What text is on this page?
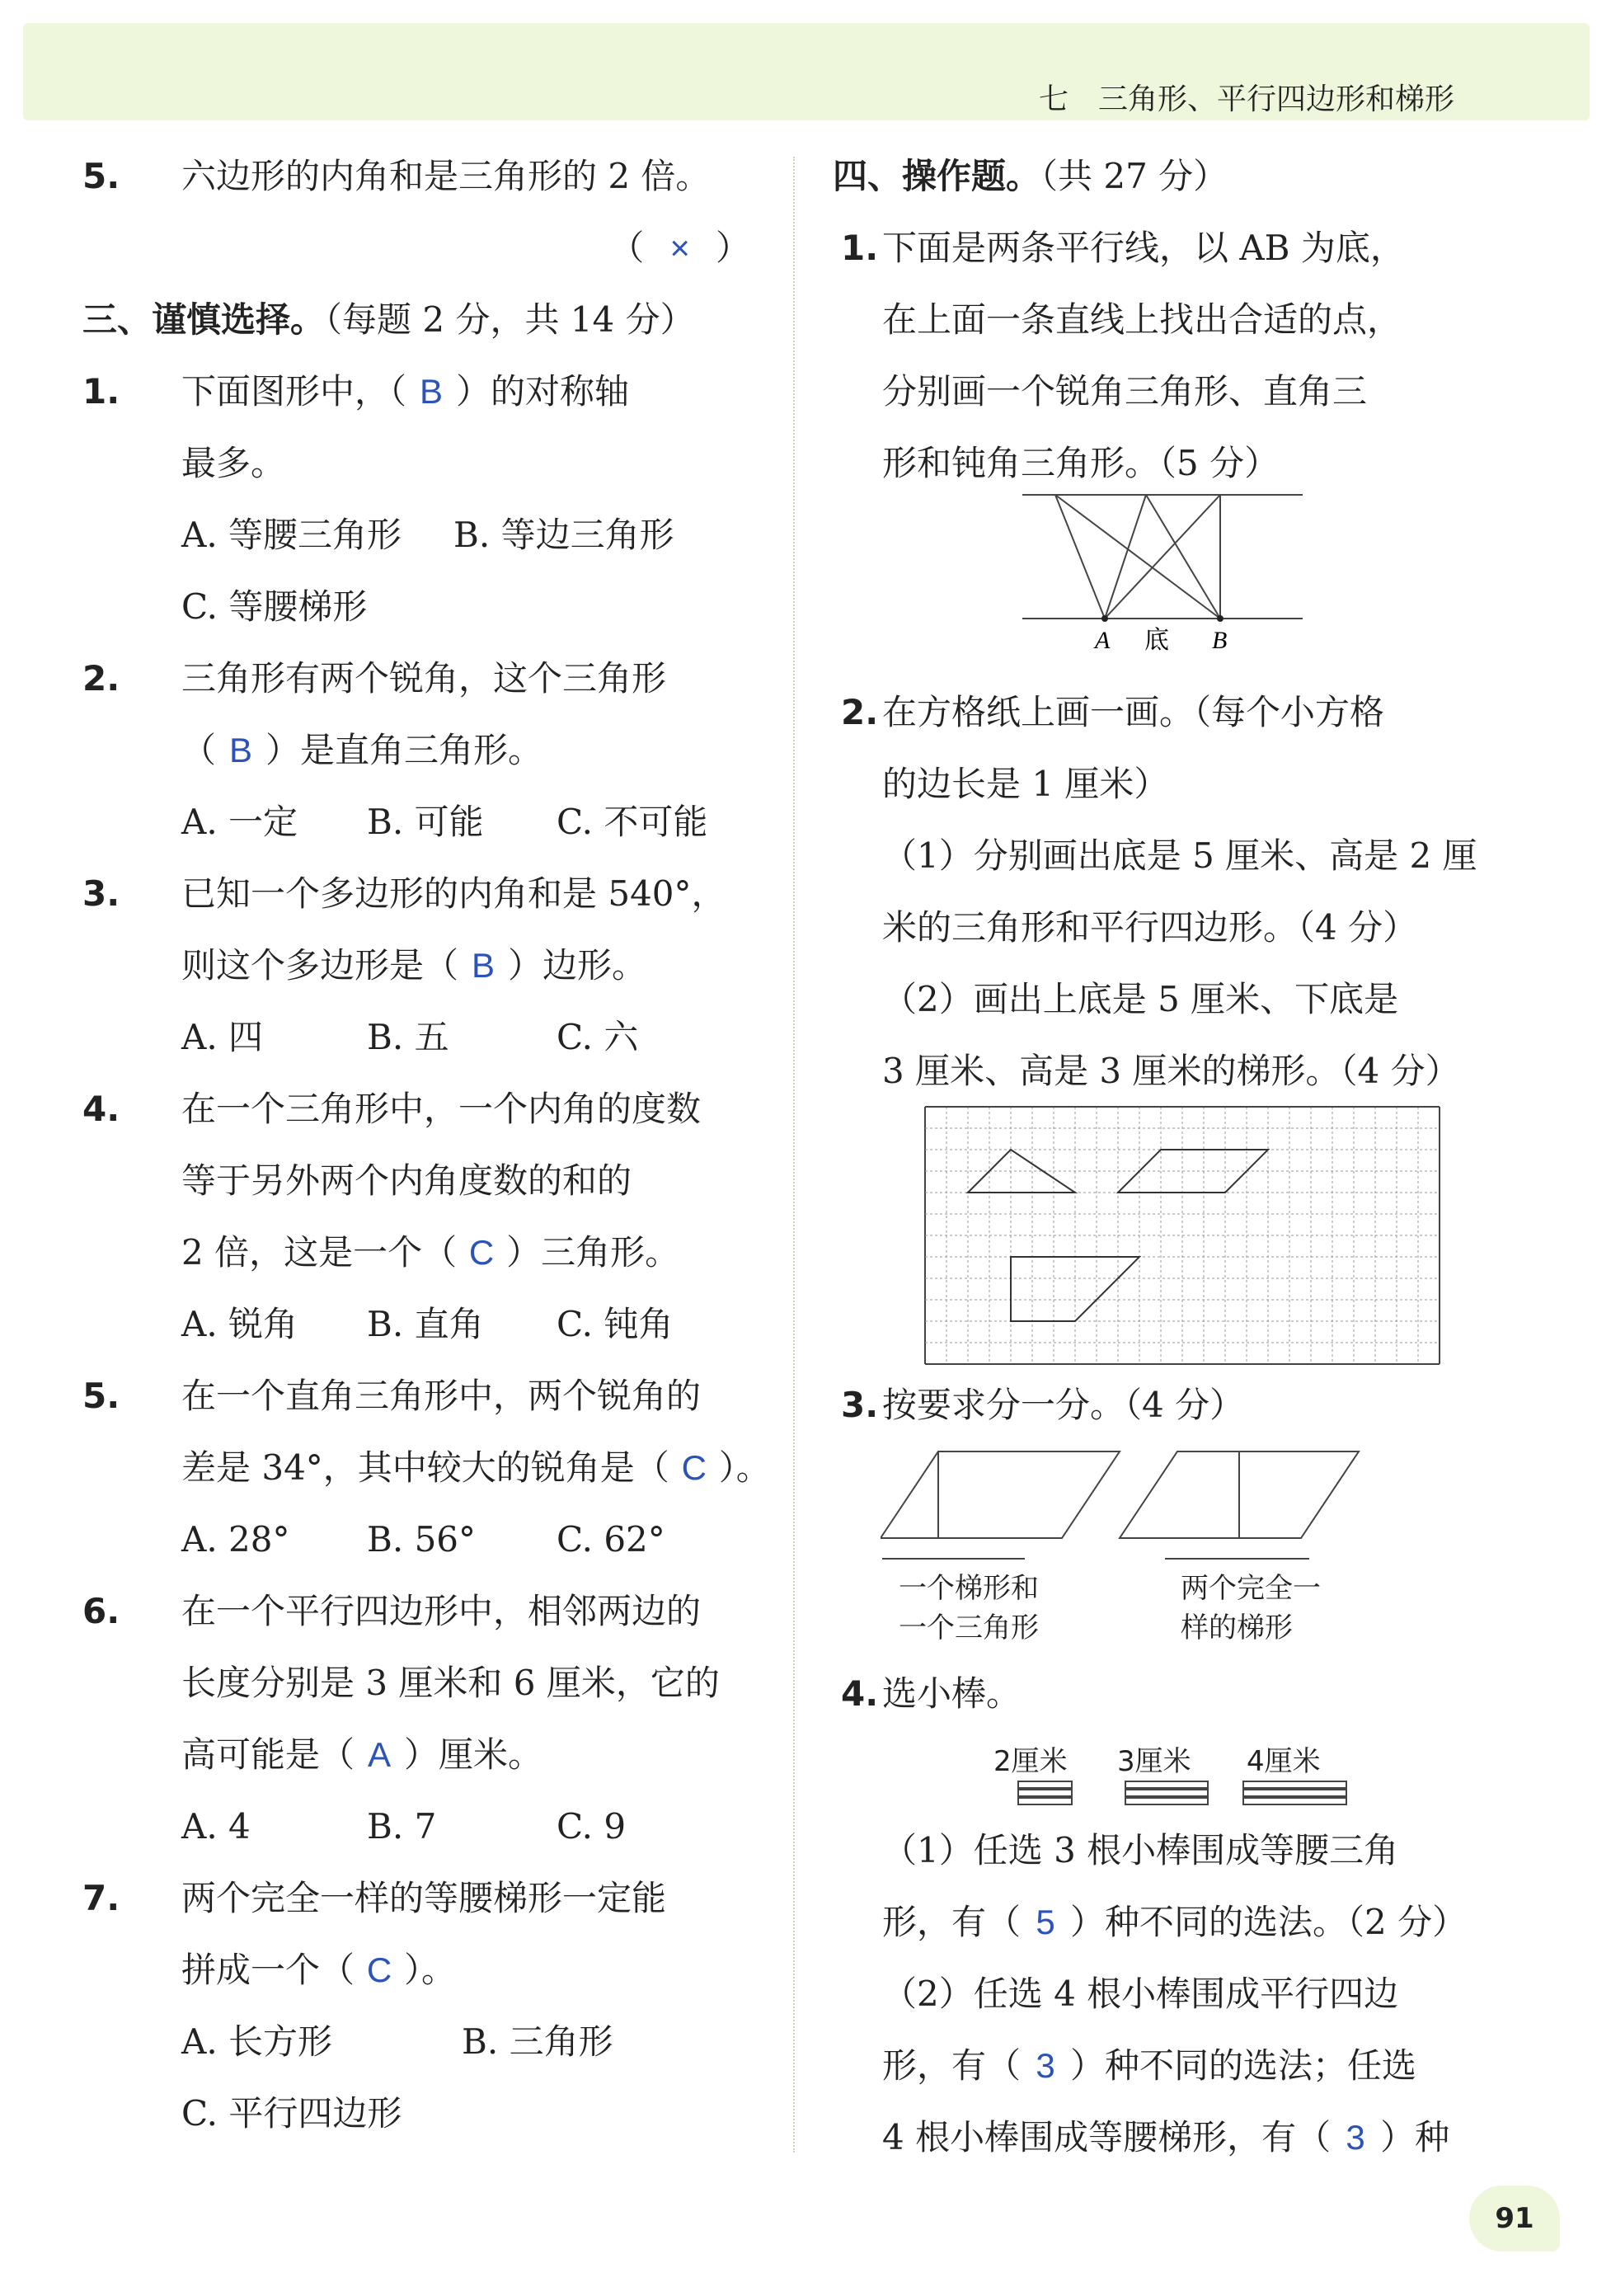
七　三角形、平行四边形和梯形
5. 六边形的内角和是三角形的 2 倍。
（ × ）
三、谨慎选择。（每题 2 分，共 14 分）
1. 下面图形中，（ B ）的对称轴
最多。
A. 等腰三角形 B. 等边三角形
C. 等腰梯形
2. 三角形有两个锐角，这个三角形
（ B ）是直角三角形。
A. 一定 B. 可能 C. 不可能
3. 已知一个多边形的内角和是 540°，
则这个多边形是（ B ）边形。
A. 四	B. 五	C. 六
4. 在一个三角形中，一个内角的度数
等于另外两个内角度数的和的
2 倍，这是一个（ C ）三角形。
A. 锐角 B. 直角 C. 钝角
5. 在一个直角三角形中，两个锐角的
差是 34°，其中较大的锐角是（ C ）。
A. 28° B. 56° C. 62°
6. 在一个平行四边形中，相邻两边的
长度分别是 3 厘米和 6 厘米，它的
高可能是（ A ）厘米。
A. 4	B. 7	C. 9
7. 两个完全一样的等腰梯形一定能
拼成一个（ C ）。
A. 长方形	B. 三角形
C. 平行四边形
四、操作题。（共 27 分）
1. 下面是两条平行线，以 AB 为底，
在上面一条直线上找出合适的点，
分别画一个锐角三角形、直角三
形和钝角三角形。（5 分）
A 底 B
2. 在方格纸上画一画。（每个小方格
的边长是 1 厘米）
（1）分别画出底是 5 厘米、高是 2 厘
米的三角形和平行四边形。（4 分）
（2）画出上底是 5 厘米、下底是
3 厘米、高是 3 厘米的梯形。（4 分）
3. 按要求分一分。（4 分）
一个梯形和
一个三角形
两个完全一
样的梯形
4. 选小棒。
2厘米 3厘米 4厘米
（1）任选 3 根小棒围成等腰三角
形，有（ 5 ）种不同的选法。（2 分）
（2）任选 4 根小棒围成平行四边
形，有（ 3 ）种不同的选法；任选
4 根小棒围成等腰梯形，有（ 3 ）种
91
